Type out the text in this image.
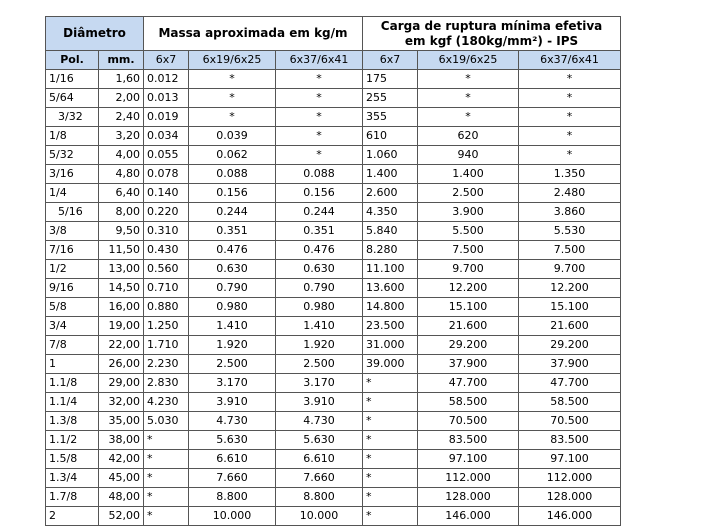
Diâmetro		Massa aproximada em kg/m			Carga de ruptura mínima efetiva
em kgf (180kg/mm²) - IPS		

Pol.	mm.	6x7	6x19/6x25	6x37/6x41	6x7	6x19/6x25	6x37/6x41
1/16	1,60	0.012	*	*	175	*	*
5/64	2,00	0.013	*	*	255	*	*
3/32	2,40	0.019	*	*	355	*	*
1/8	3,20	0.034	0.039	*	610	620	*
5/32	4,00	0.055	0.062	*	1.060	940	*
3/16	4,80	0.078	0.088	0.088	1.400	1.400	1.350
1/4	6,40	0.140	0.156	0.156	2.600	2.500	2.480
5/16	8,00	0.220	0.244	0.244	4.350	3.900	3.860
3/8	9,50	0.310	0.351	0.351	5.840	5.500	5.530
7/16	11,50	0.430	0.476	0.476	8.280	7.500	7.500
1/2	13,00	0.560	0.630	0.630	11.100	9.700	9.700
9/16	14,50	0.710	0.790	0.790	13.600	12.200	12.200
5/8	16,00	0.880	0.980	0.980	14.800	15.100	15.100
3/4	19,00	1.250	1.410	1.410	23.500	21.600	21.600
7/8	22,00	1.710	1.920	1.920	31.000	29.200	29.200
1	26,00	2.230	2.500	2.500	39.000	37.900	37.900
1.1/8	29,00	2.830	3.170	3.170	*	47.700	47.700
1.1/4	32,00	4.230	3.910	3.910	*	58.500	58.500
1.3/8	35,00	5.030	4.730	4.730	*	70.500	70.500
1.1/2	38,00	*	5.630	5.630	*	83.500	83.500
1.5/8	42,00	*	6.610	6.610	*	97.100	97.100
1.3/4	45,00	*	7.660	7.660	*	112.000	112.000
1.7/8	48,00	*	8.800	8.800	*	128.000	128.000
2	52,00	*	10.000	10.000	*	146.000	146.000
